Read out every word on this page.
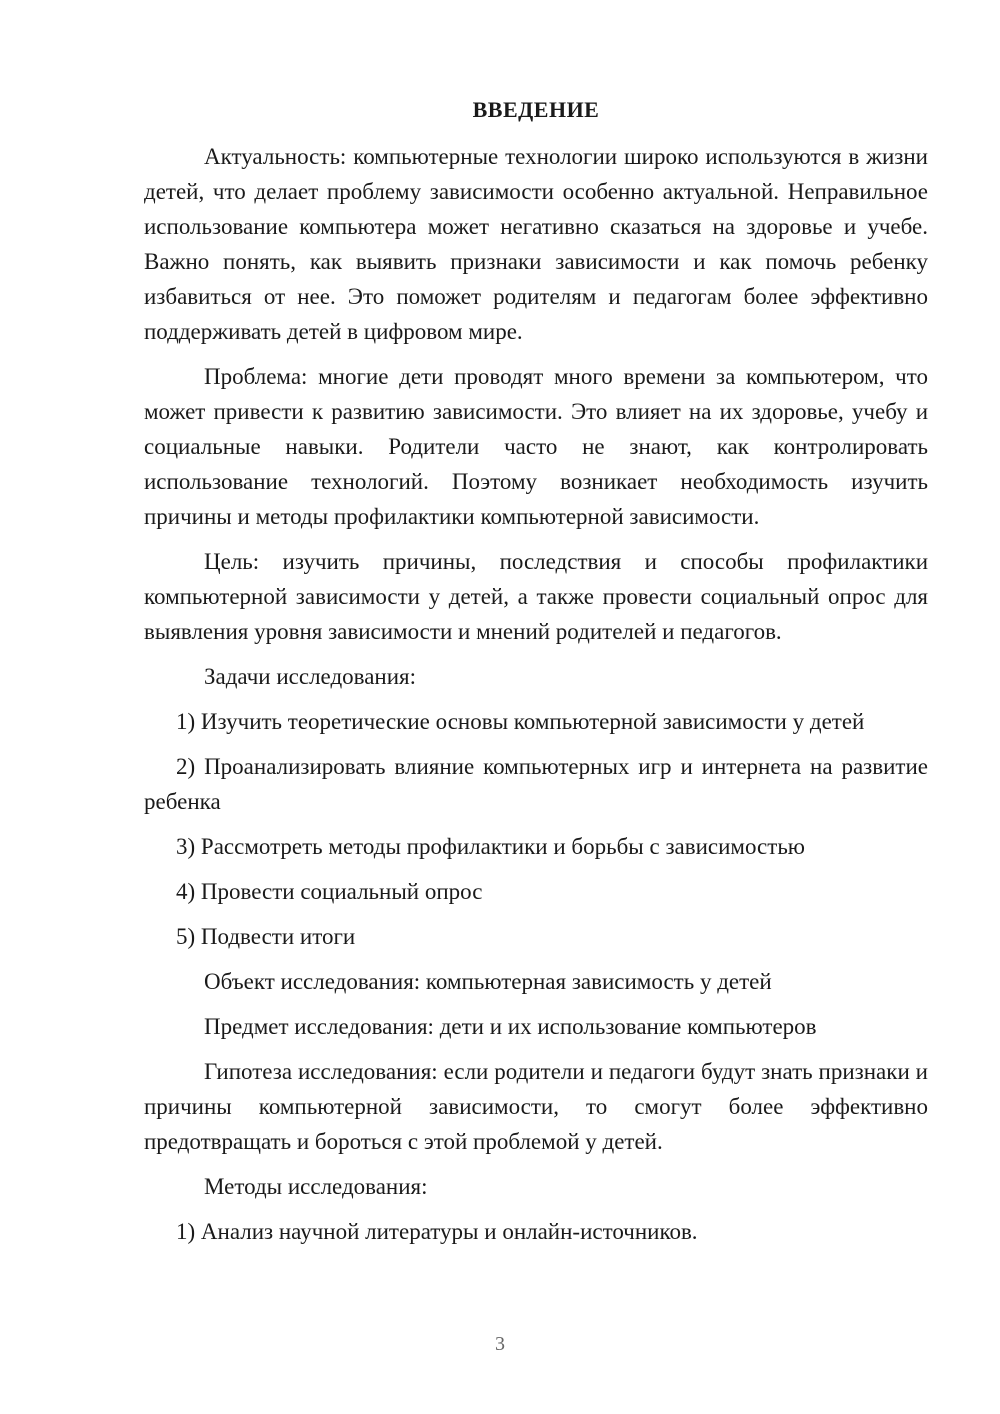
ВВЕДЕНИЕ

Актуальность: компьютерные технологии широко используются в жизни детей, что делает проблему зависимости особенно актуальной. Неправильное использование компьютера может негативно сказаться на здоровье и учебе. Важно понять, как выявить признаки зависимости и как помочь ребенку избавиться от нее. Это поможет родителям и педагогам более эффективно поддерживать детей в цифровом мире.

Проблема: многие дети проводят много времени за компьютером, что может привести к развитию зависимости. Это влияет на их здоровье, учебу и социальные навыки. Родители часто не знают, как контролировать использование технологий. Поэтому возникает необходимость изучить причины и методы профилактики компьютерной зависимости.

Цель: изучить причины, последствия и способы профилактики компьютерной зависимости у детей, а также провести социальный опрос для выявления уровня зависимости и мнений родителей и педагогов.

Задачи исследования:

1) Изучить теоретические основы компьютерной зависимости у детей

2) Проанализировать влияние компьютерных игр и интернета на развитие ребенка

3) Рассмотреть методы профилактики и борьбы с зависимостью

4) Провести социальный опрос

5) Подвести итоги

Объект исследования: компьютерная зависимость у детей

Предмет исследования: дети и их использование компьютеров

Гипотеза исследования: если родители и педагоги будут знать признаки и причины компьютерной зависимости, то смогут более эффективно предотвращать и бороться с этой проблемой у детей.

Методы исследования:

1) Анализ научной литературы и онлайн-источников.

3
